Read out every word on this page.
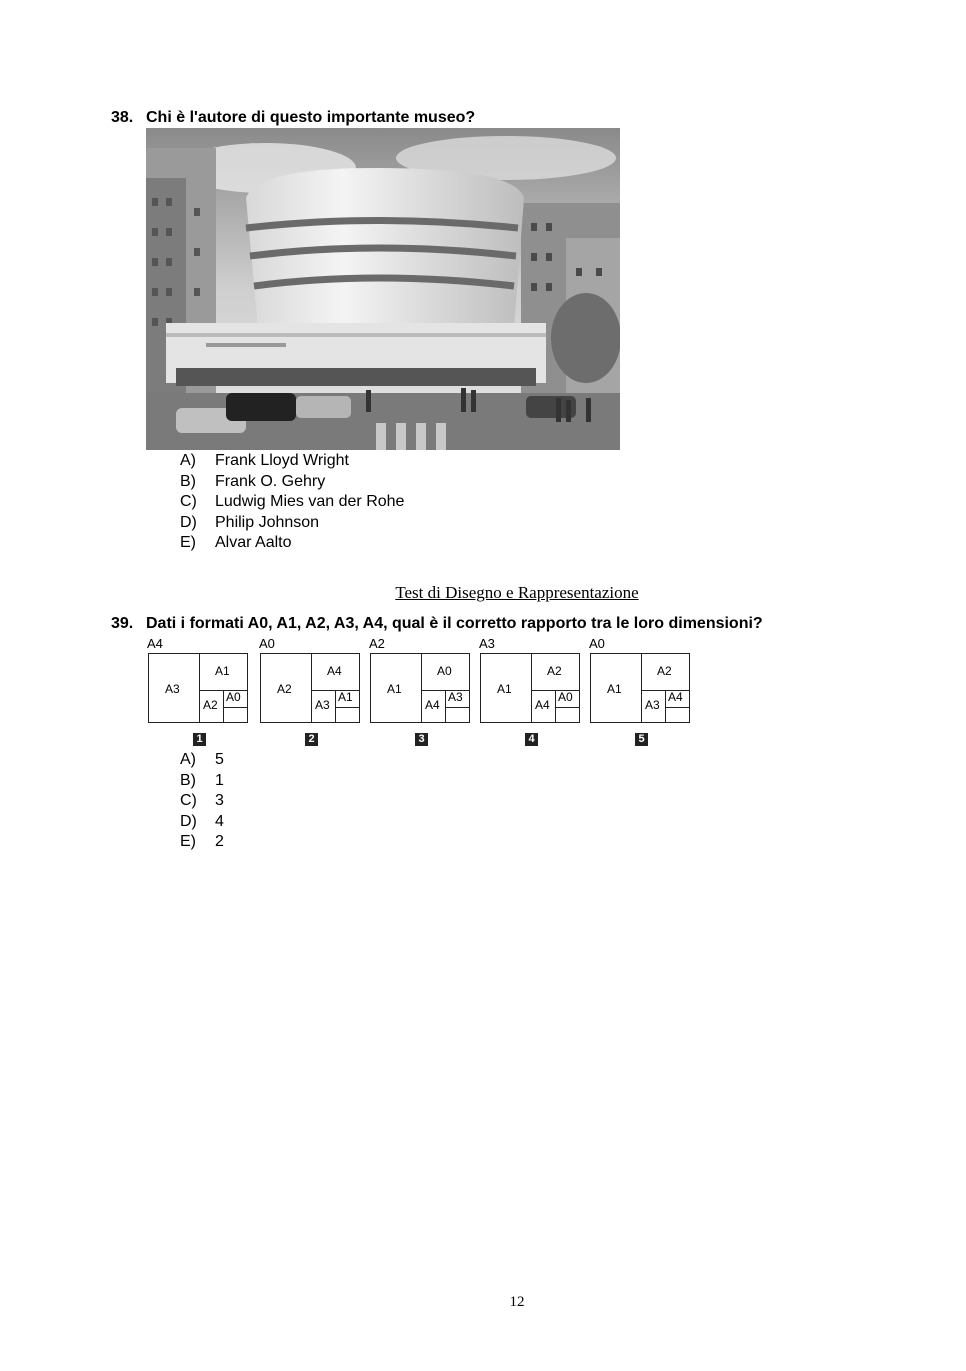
38. Chi è l'autore di questo importante museo?
A)	Frank Lloyd Wright
B)	Frank O. Gehry
C)	Ludwig Mies van der Rohe
D)	Philip Johnson
E)	Alvar Aalto
Test di Disegno e Rappresentazione
39. Dati i formati A0, A1, A2, A3, A4, qual è il corretto rapporto tra le loro dimensioni?
A4
A3
A1
A2
A0
1
A0
A2
A4
A3
A1
2
A2
A1
A0
A4
A3
3
A3
A1
A2
A4
A0
4
A0
A1
A2
A3
A4
5
A)	5
B)	1
C)	3
D)	4
E)	2
12
